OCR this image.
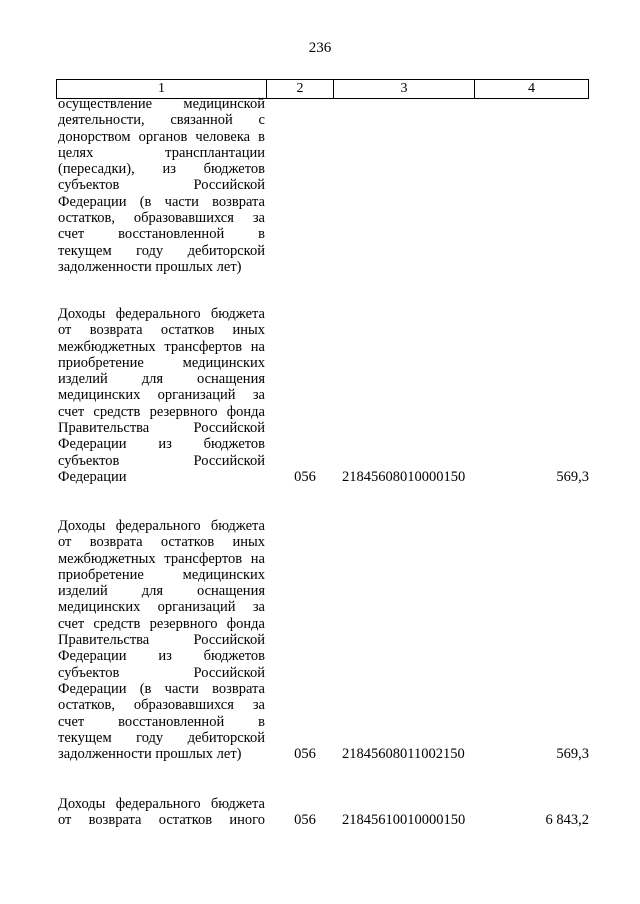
236
1	2	3	4
осуществление медицинской
деятельности, связанной с
донорством органов человека в
целях трансплантации
(пересадки), из бюджетов
субъектов Российской
Федерации (в части возврата
остатков, образовавшихся за
счет восстановленной в
текущем году дебиторской
задолженности прошлых лет)
Доходы федерального бюджета
от возврата остатков иных
межбюджетных трансфертов на
приобретение медицинских
изделий для оснащения
медицинских организаций за
счет средств резервного фонда
Правительства Российской
Федерации из бюджетов
субъектов Российской
Федерации	056	21845608010000150	569,3
Доходы федерального бюджета
от возврата остатков иных
межбюджетных трансфертов на
приобретение медицинских
изделий для оснащения
медицинских организаций за
счет средств резервного фонда
Правительства Российской
Федерации из бюджетов
субъектов Российской
Федерации (в части возврата
остатков, образовавшихся за
счет восстановленной в
текущем году дебиторской
задолженности прошлых лет)	056	21845608011002150	569,3
Доходы федерального бюджета
от возврата остатков иного	056	21845610010000150	6 843,2
